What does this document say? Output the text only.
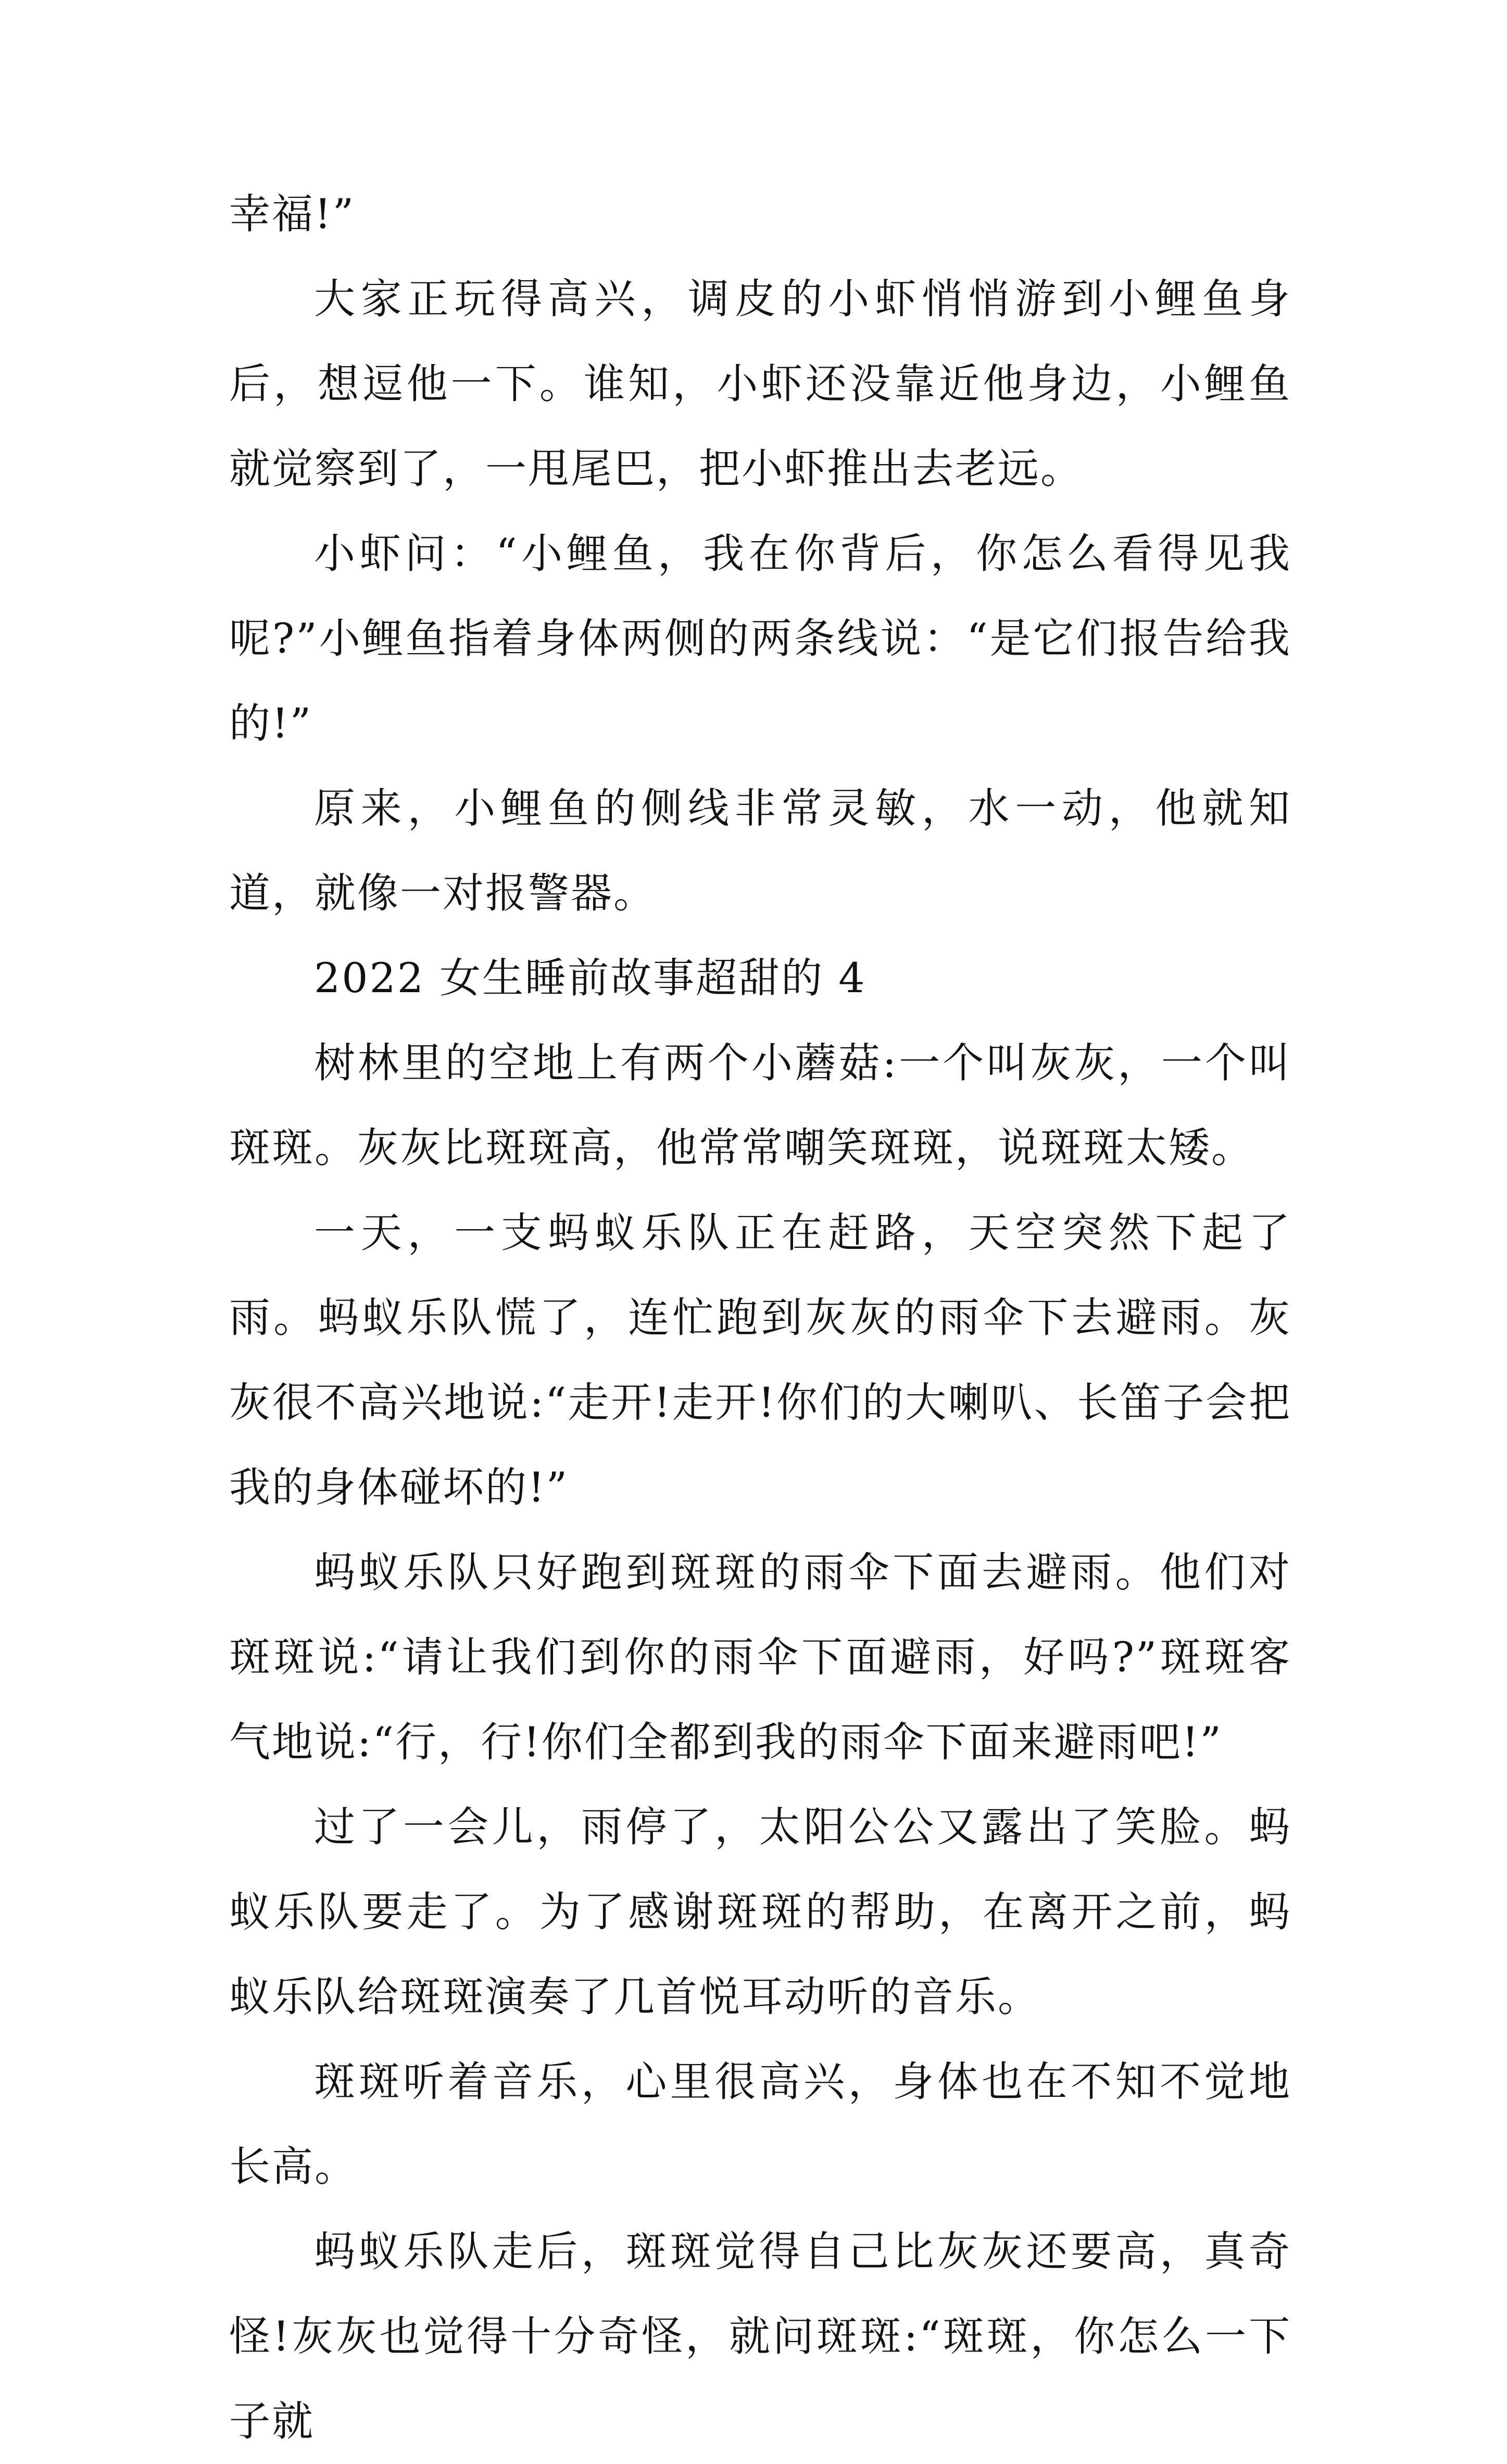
幸福!”

大家正玩得高兴，调皮的小虾悄悄游到小鲤鱼身后，想逗他一下。谁知，小虾还没靠近他身边，小鲤鱼就觉察到了，一甩尾巴，把小虾推出去老远。

小虾问：“小鲤鱼，我在你背后，你怎么看得见我呢?”小鲤鱼指着身体两侧的两条线说：“是它们报告给我的!”

原来，小鲤鱼的侧线非常灵敏，水一动，他就知道，就像一对报警器。

2022 女生睡前故事超甜的 4

树林里的空地上有两个小蘑菇:一个叫灰灰，一个叫斑斑。灰灰比斑斑高，他常常嘲笑斑斑，说斑斑太矮。

一天，一支蚂蚁乐队正在赶路，天空突然下起了雨。蚂蚁乐队慌了，连忙跑到灰灰的雨伞下去避雨。灰灰很不高兴地说:“走开!走开!你们的大喇叭、长笛子会把我的身体碰坏的!”

蚂蚁乐队只好跑到斑斑的雨伞下面去避雨。他们对斑斑说:“请让我们到你的雨伞下面避雨，好吗?”斑斑客气地说:“行，行!你们全都到我的雨伞下面来避雨吧!”

过了一会儿，雨停了，太阳公公又露出了笑脸。蚂蚁乐队要走了。为了感谢斑斑的帮助，在离开之前，蚂蚁乐队给斑斑演奏了几首悦耳动听的音乐。

斑斑听着音乐，心里很高兴，身体也在不知不觉地长高。

蚂蚁乐队走后，斑斑觉得自己比灰灰还要高，真奇怪!灰灰也觉得十分奇怪，就问斑斑:“斑斑，你怎么一下子就
